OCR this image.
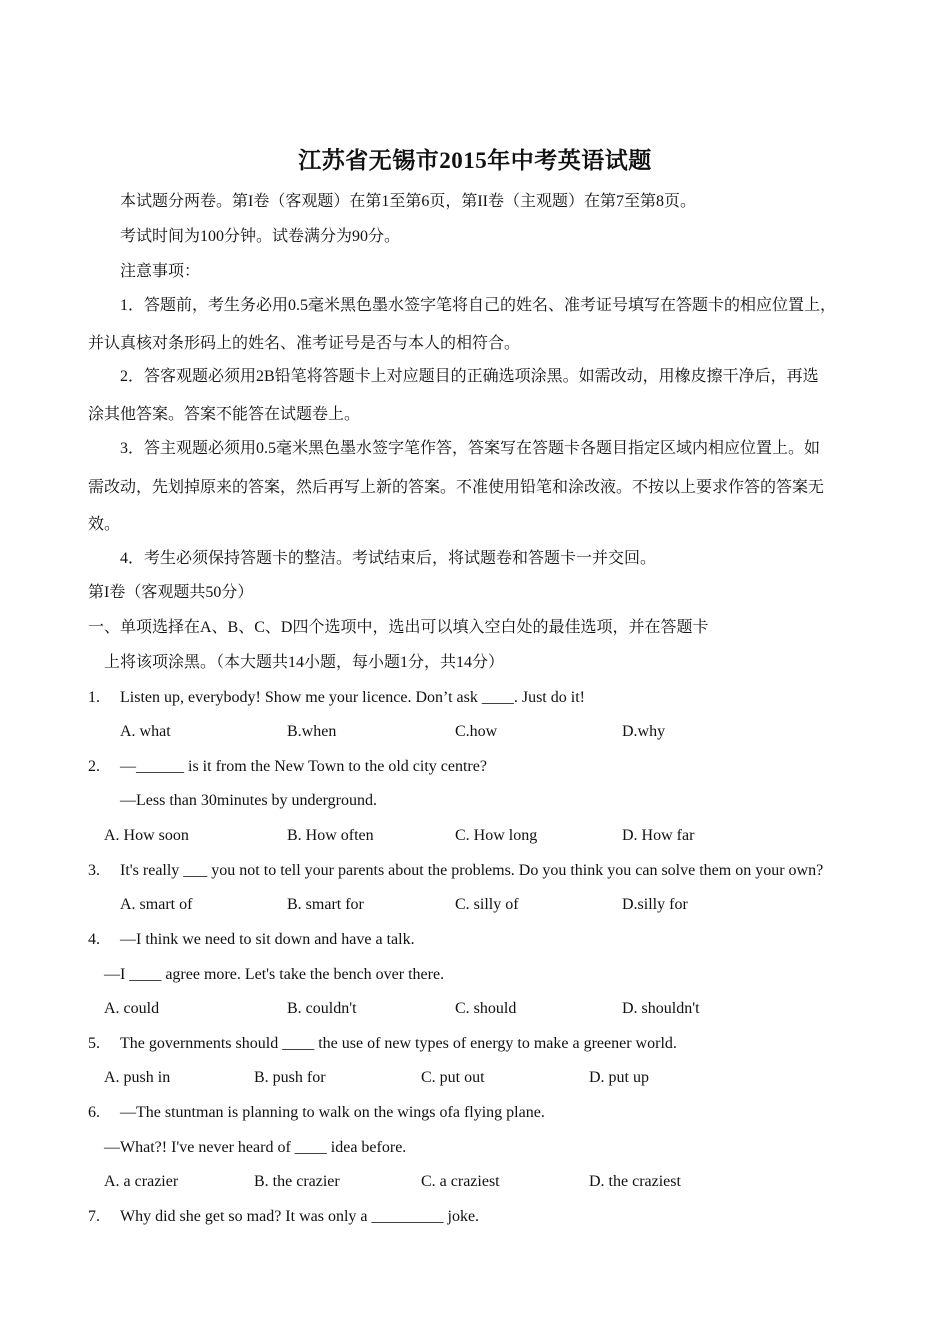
江苏省无锡市2015年中考英语试题
本试题分两卷。第I卷（客观题）在第1至第6页，第II卷（主观题）在第7至第8页。
考试时间为100分钟。试卷满分为90分。
注意事项：
1．答题前，考生务必用0.5毫米黑色墨水签字笔将自己的姓名、准考证号填写在答题卡的相应位置上，
并认真核对条形码上的姓名、准考证号是否与本人的相符合。
2．答客观题必须用2B铅笔将答题卡上对应题目的正确选项涂黑。如需改动，用橡皮擦干净后，再选
涂其他答案。答案不能答在试题卷上。
3．答主观题必须用0.5毫米黑色墨水签字笔作答，答案写在答题卡各题目指定区域内相应位置上。如
需改动，先划掉原来的答案，然后再写上新的答案。不准使用铅笔和涂改液。不按以上要求作答的答案无
效。
4．考生必须保持答题卡的整洁。考试结束后，将试题卷和答题卡一并交回。
第I卷（客观题共50分）
一、单项选择在A、B、C、D四个选项中，选出可以填入空白处的最佳选项，并在答题卡
上将该项涂黑。（本大题共14小题，每小题1分，共14分）
1. Listen up, everybody! Show me your licence. Don’t ask ____. Just do it!
A. what	B.when	C.how	D.why
2. —______ is it from the New Town to the old city centre?
—Less than 30minutes by underground.
A. How soon	B. How often	C. How long	D. How far
3. It's really ___ you not to tell your parents about the problems. Do you think you can solve them on your own?
A. smart of	B. smart for	C. silly of	D.silly for
4. —I think we need to sit down and have a talk.
—I ____ agree more. Let's take the bench over there.
A. could	B. couldn't	C. should	D. shouldn't
5. The governments should ____ the use of new types of energy to make a greener world.
A. push in	B. push for	C. put out	D. put up
6. —The stuntman is planning to walk on the wings ofa flying plane.
—What?! I've never heard of ____ idea before.
A. a crazier	B. the crazier	C. a craziest	D. the craziest
7. Why did she get so mad? It was only a _________ joke.
